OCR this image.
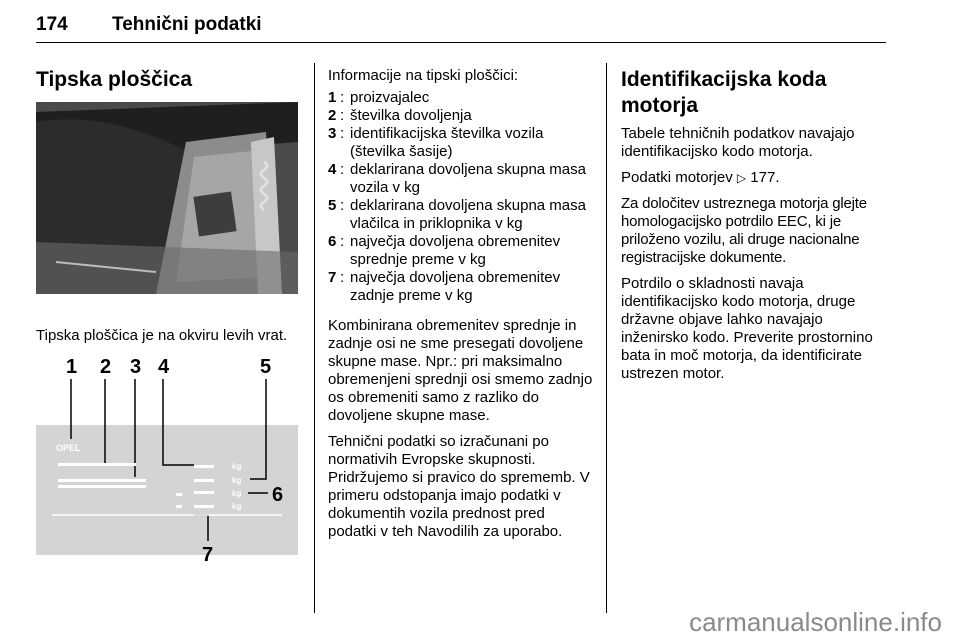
174 Tehnični podatki
Tipska ploščica
Tipska ploščica je na okviru levih vrat.
1 2 3 4	5
6
7
OPEL
kg
kg
kg
kg
Informacije na tipski ploščici:
1 : proizvajalec
2 : številka dovoljenja
3 : identifikacijska številka vozila (številka šasije)
4 : deklarirana dovoljena skupna masa vozila v kg
5 : deklarirana dovoljena skupna masa vlačilca in priklopnika v kg
6 : največja dovoljena obremenitev sprednje preme v kg
7 : največja dovoljena obremenitev zadnje preme v kg
Kombinirana obremenitev sprednje in zadnje osi ne sme presegati dovoljene skupne mase. Npr.: pri maksimalno obremenjeni sprednji osi smemo zadnjo os obremeniti samo z razliko do dovoljene skupne mase.
Tehnični podatki so izračunani po normativih Evropske skupnosti. Pridržujemo si pravico do sprememb. V primeru odstopanja imajo podatki v dokumentih vozila prednost pred podatki v teh Navodilih za uporabo.
Identifikacijska koda motorja
Tabele tehničnih podatkov navajajo identifikacijsko kodo motorja.
Podatki motorjev ▷ 177.
Za določitev ustreznega motorja glejte homologacijsko potrdilo EEC, ki je priloženo vozilu, ali druge nacionalne registracijske dokumente.
Potrdilo o skladnosti navaja identifikacijsko kodo motorja, druge državne objave lahko navajajo inženirsko kodo. Preverite prostornino bata in moč motorja, da identificirate ustrezen motor.
carmanualsonline.info
